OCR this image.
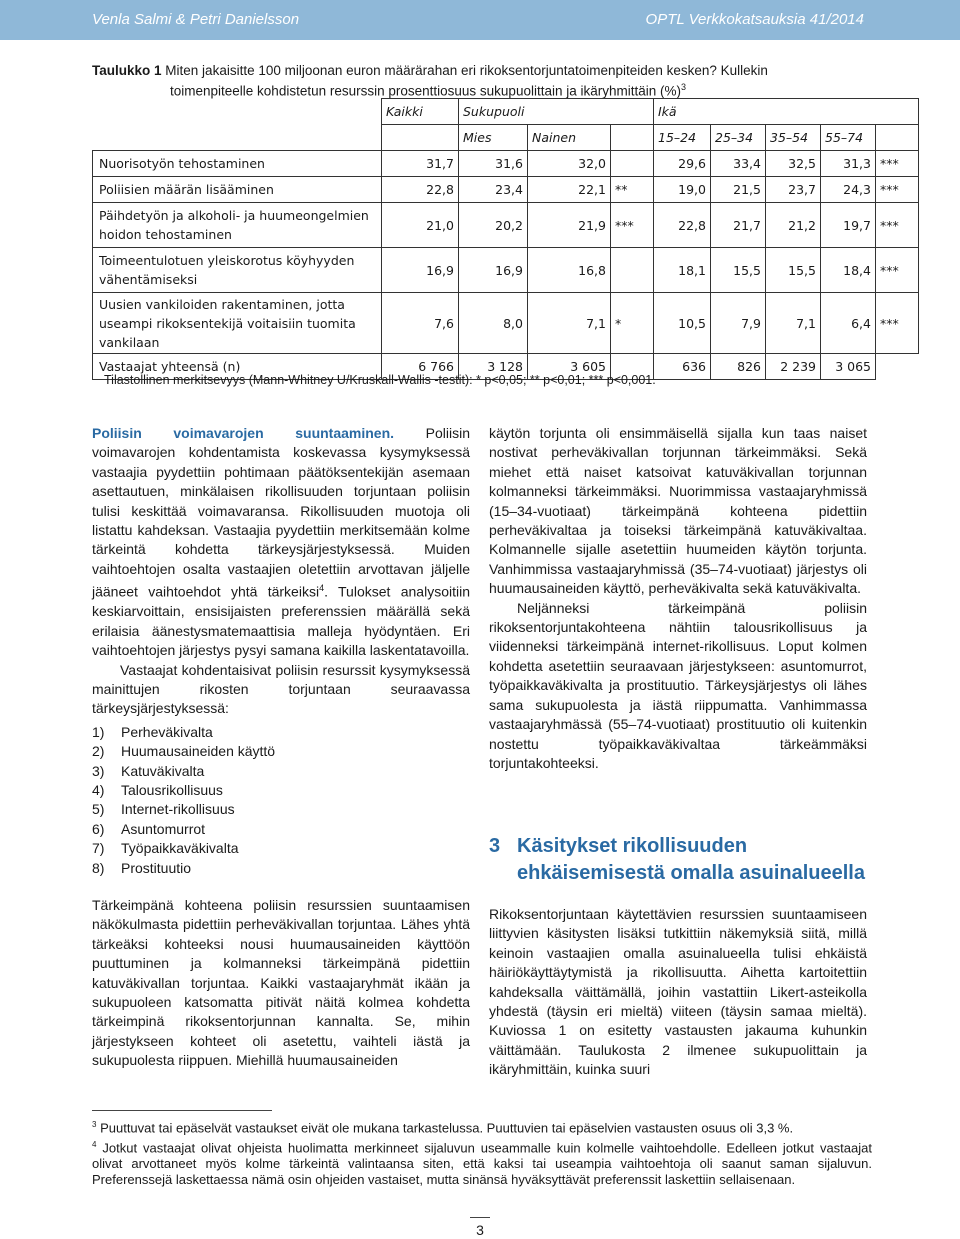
Venla Salmi & Petri Danielsson	OPTL Verkkokatsauksia 41/2014
Taulukko 1 Miten jakaisitte 100 miljoonan euron määrärahan eri rikoksentorjuntatoimenpiteiden kesken? Kullekin
toimenpiteelle kohdistetun resurssin prosenttiosuus sukupuolittain ja ikäryhmittäin (%)$^3$
	Kaikki	Sukupuoli			Ikä				
		Mies	Nainen		15–24	25–34	35–54	55–74	
Nuorisotyön tehostaminen	31,7	31,6	32,0		29,6	33,4	32,5	31,3	***
Poliisien määrän lisääminen	22,8	23,4	22,1	**	19,0	21,5	23,7	24,3	***
Päihdetyön ja alkoholi- ja huumeongelmien hoidon tehostaminen	21,0	20,2	21,9	***	22,8	21,7	21,2	19,7	***
Toimeentulotuen yleiskorotus köyhyyden vähentämiseksi	16,9	16,9	16,8		18,1	15,5	15,5	18,4	***
Uusien vankiloiden rakentaminen, jotta useampi rikoksentekijä voitaisiin tuomita vankilaan	7,6	8,0	7,1	*	10,5	7,9	7,1	6,4	***
Vastaajat yhteensä (n)	6 766	3 128	3 605		636	826	2 239	3 065	
Tilastollinen merkitsevyys (Mann-Whitney U/Kruskall-Wallis -testit): * p<0,05; ** p<0,01; *** p<0,001.

Poliisin voimavarojen suuntaaminen. Poliisin voimavarojen kohdentamista koskevassa kysymyksessä vastaajia pyydettiin pohtimaan päätöksentekijän asemaan asettautuen, minkälaisen rikollisuuden torjuntaan poliisin tulisi keskittää voimavaransa. Rikollisuuden muotoja oli listattu kahdeksan. Vastaajia pyydettiin merkitsemään kolme tärkeintä kohdetta tärkeysjärjestyksessä. Muiden vaihtoehtojen osalta vastaajien oletettiin arvottavan jäljelle jääneet vaihtoehdot yhtä tärkeiksi$^4$. Tulokset analysoitiin keskiarvoittain, ensisijaisten preferenssien määrällä sekä erilaisia äänestysmatemaattisia malleja hyödyntäen. Eri vaihtoehtojen järjestys pysyi samana kaikilla laskentatavoilla.

Vastaajat kohdentaisivat poliisin resurssit kysymyksessä mainittujen rikosten torjuntaan seuraavassa tärkeysjärjestyksessä:

1) Perheväkivalta
2) Huumausaineiden käyttö
3) Katuväkivalta
4) Talousrikollisuus
5) Internet-rikollisuus
6) Asuntomurrot
7) Työpaikkaväkivalta
8) Prostituutio

Tärkeimpänä kohteena poliisin resurssien suuntaamisen näkökulmasta pidettiin perheväkivallan torjuntaa. Lähes yhtä tärkeäksi kohteeksi nousi huumausaineiden käyttöön puuttuminen ja kolmanneksi tärkeimpänä pidettiin katuväkivallan torjuntaa. Kaikki vastaajaryhmät ikään ja sukupuoleen katsomatta pitivät näitä kolmea kohdetta tärkeimpinä rikoksentorjunnan kannalta. Se, mihin järjestykseen kohteet oli asetettu, vaihteli iästä ja sukupuolesta riippuen. Miehillä huumausaineiden

käytön torjunta oli ensimmäisellä sijalla kun taas naiset nostivat perheväkivallan torjunnan tärkeimmäksi. Sekä miehet että naiset katsoivat katuväkivallan torjunnan kolmanneksi tärkeimmäksi. Nuorimmissa vastaajaryhmissä (15–34-vuotiaat) tärkeimpänä kohteena pidettiin perheväkivaltaa ja toiseksi tärkeimpänä katuväkivaltaa. Kolmannelle sijalle asetettiin huumeiden käytön torjunta. Vanhimmissa vastaajaryhmissä (35–74-vuotiaat) järjestys oli huumausaineiden käyttö, perheväkivalta sekä katuväkivalta.

Neljänneksi tärkeimpänä poliisin rikoksentorjuntakohteena nähtiin talousrikollisuus ja viidenneksi tärkeimpänä internet-rikollisuus. Loput kolmen kohdetta asetettiin seuraavaan järjestykseen: asuntomurrot, työpaikkaväkivalta ja prostituutio. Tärkeysjärjestys oli lähes sama sukupuolesta ja iästä riippumatta. Vanhimmassa vastaajaryhmässä (55–74-vuotiaat) prostituutio oli kuitenkin nostettu työpaikkaväkivaltaa tärkeämmäksi torjuntakohteeksi.

3 Käsitykset rikollisuuden
ehkäisemisestä omalla asuinalueella

Rikoksentorjuntaan käytettävien resurssien suuntaamiseen liittyvien käsitysten lisäksi tutkittiin näkemyksiä siitä, millä keinoin vastaajien omalla asuinalueella tulisi ehkäistä häiriökäyttäytymistä ja rikollisuutta. Aihetta kartoitettiin kahdeksalla väittämällä, joihin vastattiin Likert-asteikolla yhdestä (täysin eri mieltä) viiteen (täysin samaa mieltä). Kuviossa 1 on esitetty vastausten jakauma kuhunkin väittämään. Taulukosta 2 ilmenee sukupuolittain ja ikäryhmittäin, kuinka suuri

$^3$ Puuttuvat tai epäselvät vastaukset eivät ole mukana tarkastelussa. Puuttuvien tai epäselvien vastausten osuus oli 3,3 %.
$^4$ Jotkut vastaajat olivat ohjeista huolimatta merkinneet sijaluvun useammalle kuin kolmelle vaihtoehdolle. Edelleen jotkut vastaajat olivat arvottaneet myös kolme tärkeintä valintaansa siten, että kaksi tai useampia vaihtoehtoja oli saanut saman sijaluvun. Preferenssejä laskettaessa nämä osin ohjeiden vastaiset, mutta sinänsä hyväksyttävät preferenssit laskettiin sellaisenaan.
3
